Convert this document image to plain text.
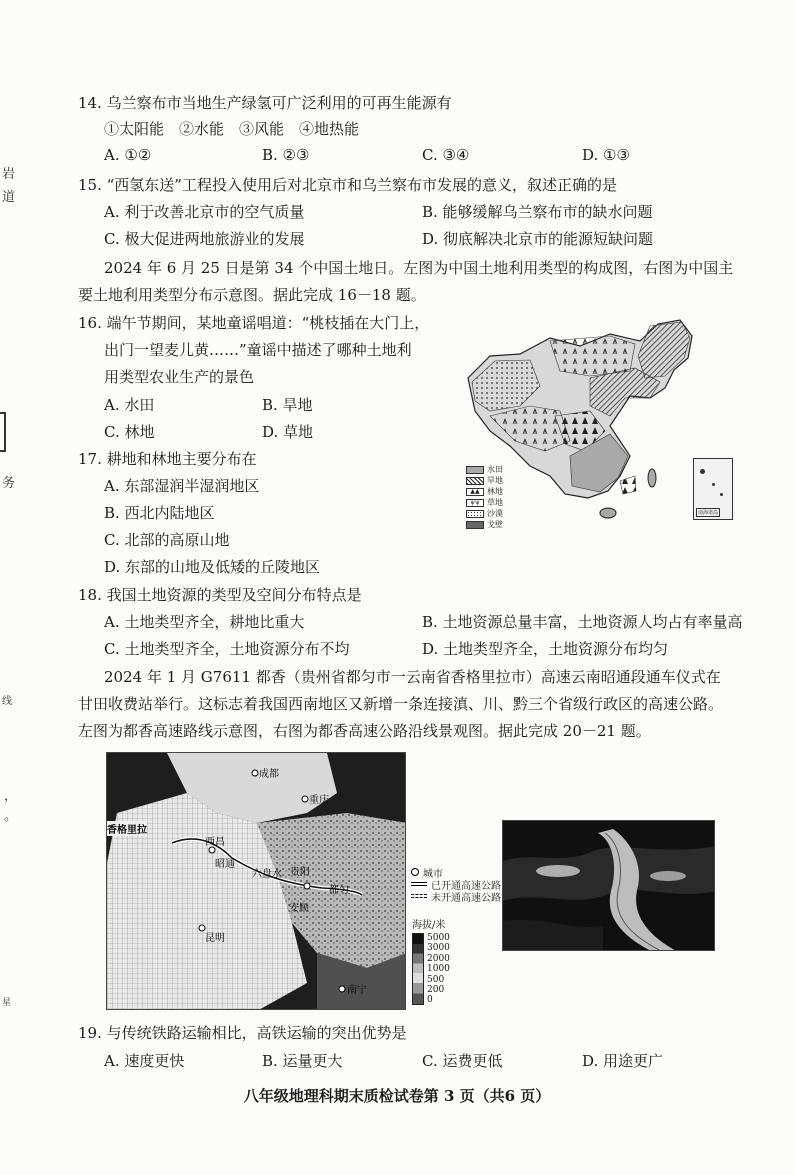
岩
道
务
线
，
。
星
14. 乌兰察布市当地生产绿氢可广泛利用的可再生能源有
①太阳能　②水能　③风能　④地热能
A. ①②	B. ②③	C. ③④	D. ①③
15. “西氢东送”工程投入使用后对北京市和乌兰察布市发展的意义，叙述正确的是
A. 利于改善北京市的空气质量	B. 能够缓解乌兰察布市的缺水问题
C. 极大促进两地旅游业的发展	D. 彻底解决北京市的能源短缺问题
2024 年 6 月 25 日是第 34 个中国土地日。左图为中国土地利用类型的构成图，右图为中国主
要土地利用类型分布示意图。据此完成 16－18 题。
16. 端午节期间，某地童谣唱道：“桃枝插在大门上，
出门一望麦儿黄……”童谣中描述了哪种土地利
用类型农业生产的景色
A. 水田	B. 旱地
C. 林地	D. 草地
17. 耕地和林地主要分布在
A. 东部湿润半湿润地区
B. 西北内陆地区
C. 北部的高原山地
D. 东部的山地及低矮的丘陵地区
水田
旱地
▲▲ 林地
ψψ 草地
沙漠
戈壁
南海诸岛
18. 我国土地资源的类型及空间分布特点是
A. 土地类型齐全，耕地比重大	B. 土地资源总量丰富，土地资源人均占有率量高
C. 土地类型齐全，土地资源分布不均	D. 土地类型齐全，土地资源分布均匀
2024 年 1 月 G7611 都香（贵州省都匀市一云南省香格里拉市）高速云南昭通段通车仪式在
甘田收费站举行。这标志着我国西南地区又新增一条连接滇、川、黔三个省级行政区的高速公路。
左图为都香高速路线示意图，右图为都香高速公路沿线景观图。据此完成 20－21 题。
成都
重庆
香格里拉
西昌
昭通
六盘水 贵阳
都匀
安顺
昆明
南宁
城市
已开通高速公路
未开通高速公路
海拔/米
5000
3000
2000
1000
500
200
0
19. 与传统铁路运输相比，高铁运输的突出优势是
A. 速度更快	B. 运量更大	C. 运费更低	D. 用途更广
八年级地理科期末质检试卷第 3 页（共6 页）
